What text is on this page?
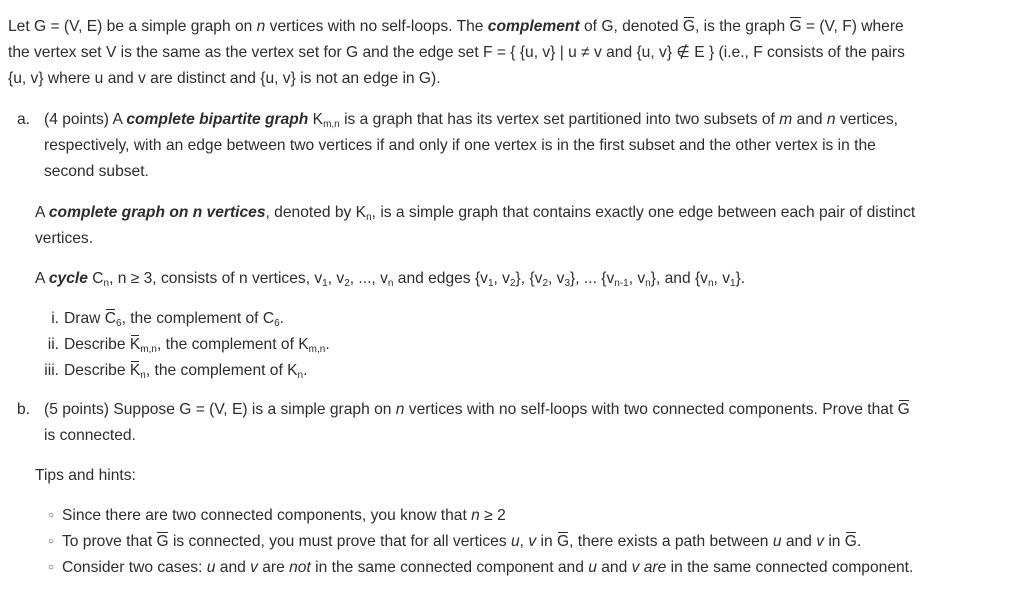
Let G = (V, E) be a simple graph on n vertices with no self-loops. The complement of G, denoted G, is the graph G = (V, F) where

the vertex set V is the same as the vertex set for G and the edge set F = { {u, v} | u ≠ v and {u, v} ∉ E } (i.e., F consists of the pairs

{u, v} where u and v are distinct and {u, v} is not an edge in G).

a. (4 points) A complete bipartite graph $K_{m,n}$ is a graph that has its vertex set partitioned into two subsets of m and n vertices,
respectively, with an edge between two vertices if and only if one vertex is in the first subset and the other vertex is in the
second subset.
A complete graph on n vertices, denoted by $K_n$, is a simple graph that contains exactly one edge between each pair of distinct
vertices.
A cycle $C_n$, n ≥ 3, consists of n vertices, $v_1$, $v_2$, ..., $v_n$ and edges {$v_1$, $v_2$}, {$v_2$, $v_3$}, ... {$v_{n-1}$, $v_n$}, and {$v_n$, $v_1$}.
i. Draw $C_6$, the complement of $C_6$.
ii. Describe $K_{m,n}$, the complement of $K_{m,n}$.
iii. Describe $K_n$, the complement of $K_n$.
b. (5 points) Suppose G = (V, E) is a simple graph on n vertices with no self-loops with two connected components. Prove that G
is connected.
Tips and hints:
○ Since there are two connected components, you know that n ≥ 2
○ To prove that G is connected, you must prove that for all vertices u, v in G, there exists a path between u and v in G.
○ Consider two cases: u and v are not in the same connected component and u and v are in the same connected component.
